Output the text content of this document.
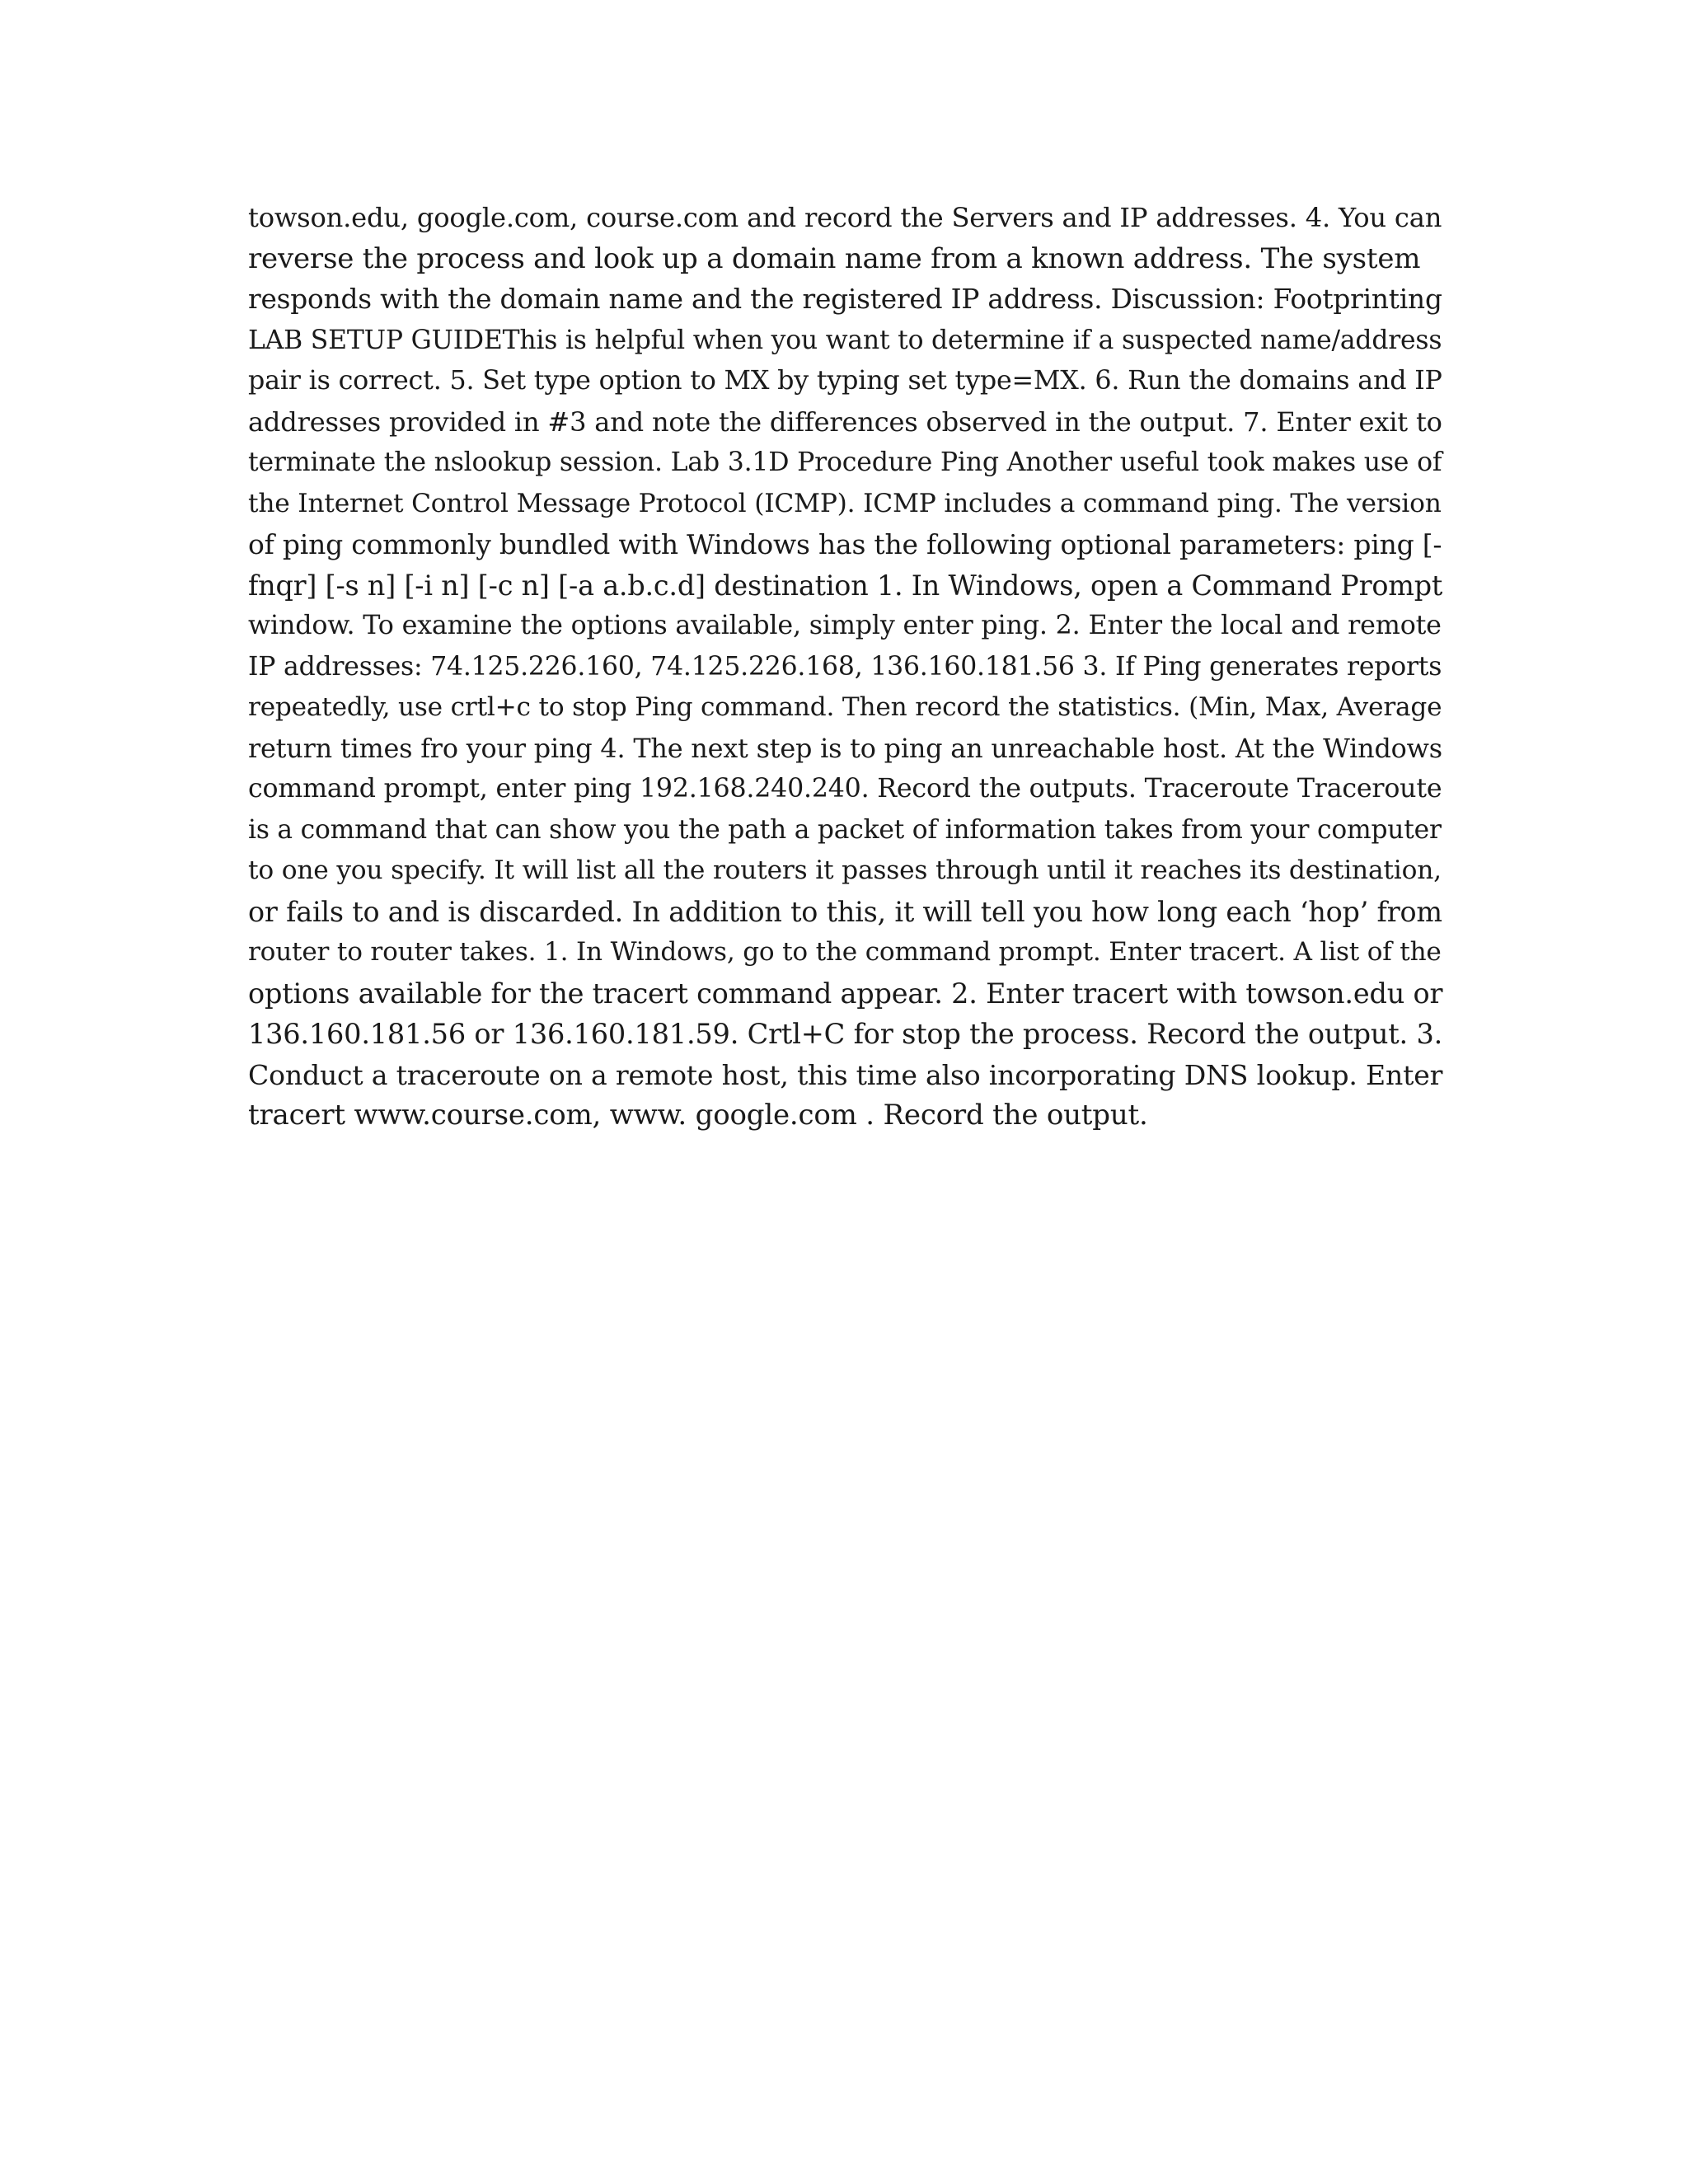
towson.edu, google.com, course.com and record the Servers and IP addresses. 4. You can
reverse the process and look up a domain name from a known address. The system
responds with the domain name and the registered IP address. Discussion: Footprinting
LAB SETUP GUIDEThis is helpful when you want to determine if a suspected name/address
pair is correct. 5. Set type option to MX by typing set type=MX. 6. Run the domains and IP
addresses provided in #3 and note the differences observed in the output. 7. Enter exit to
terminate the nslookup session. Lab 3.1D Procedure Ping Another useful took makes use of
the Internet Control Message Protocol (ICMP). ICMP includes a command ping. The version
of ping commonly bundled with Windows has the following optional parameters: ping [-
fnqr] [-s n] [-i n] [-c n] [-a a.b.c.d] destination 1. In Windows, open a Command Prompt
window. To examine the options available, simply enter ping. 2. Enter the local and remote
IP addresses: 74.125.226.160, 74.125.226.168, 136.160.181.56 3. If Ping generates reports
repeatedly, use crtl+c to stop Ping command. Then record the statistics. (Min, Max, Average
return times fro your ping 4. The next step is to ping an unreachable host. At the Windows
command prompt, enter ping 192.168.240.240. Record the outputs. Traceroute Traceroute
is a command that can show you the path a packet of information takes from your computer
to one you specify. It will list all the routers it passes through until it reaches its destination,
or fails to and is discarded. In addition to this, it will tell you how long each ‘hop’ from
router to router takes. 1. In Windows, go to the command prompt. Enter tracert. A list of the
options available for the tracert command appear. 2. Enter tracert with towson.edu or
136.160.181.56 or 136.160.181.59. Crtl+C for stop the process. Record the output. 3.
Conduct a traceroute on a remote host, this time also incorporating DNS lookup. Enter
tracert www.course.com, www. google.com . Record the output.
